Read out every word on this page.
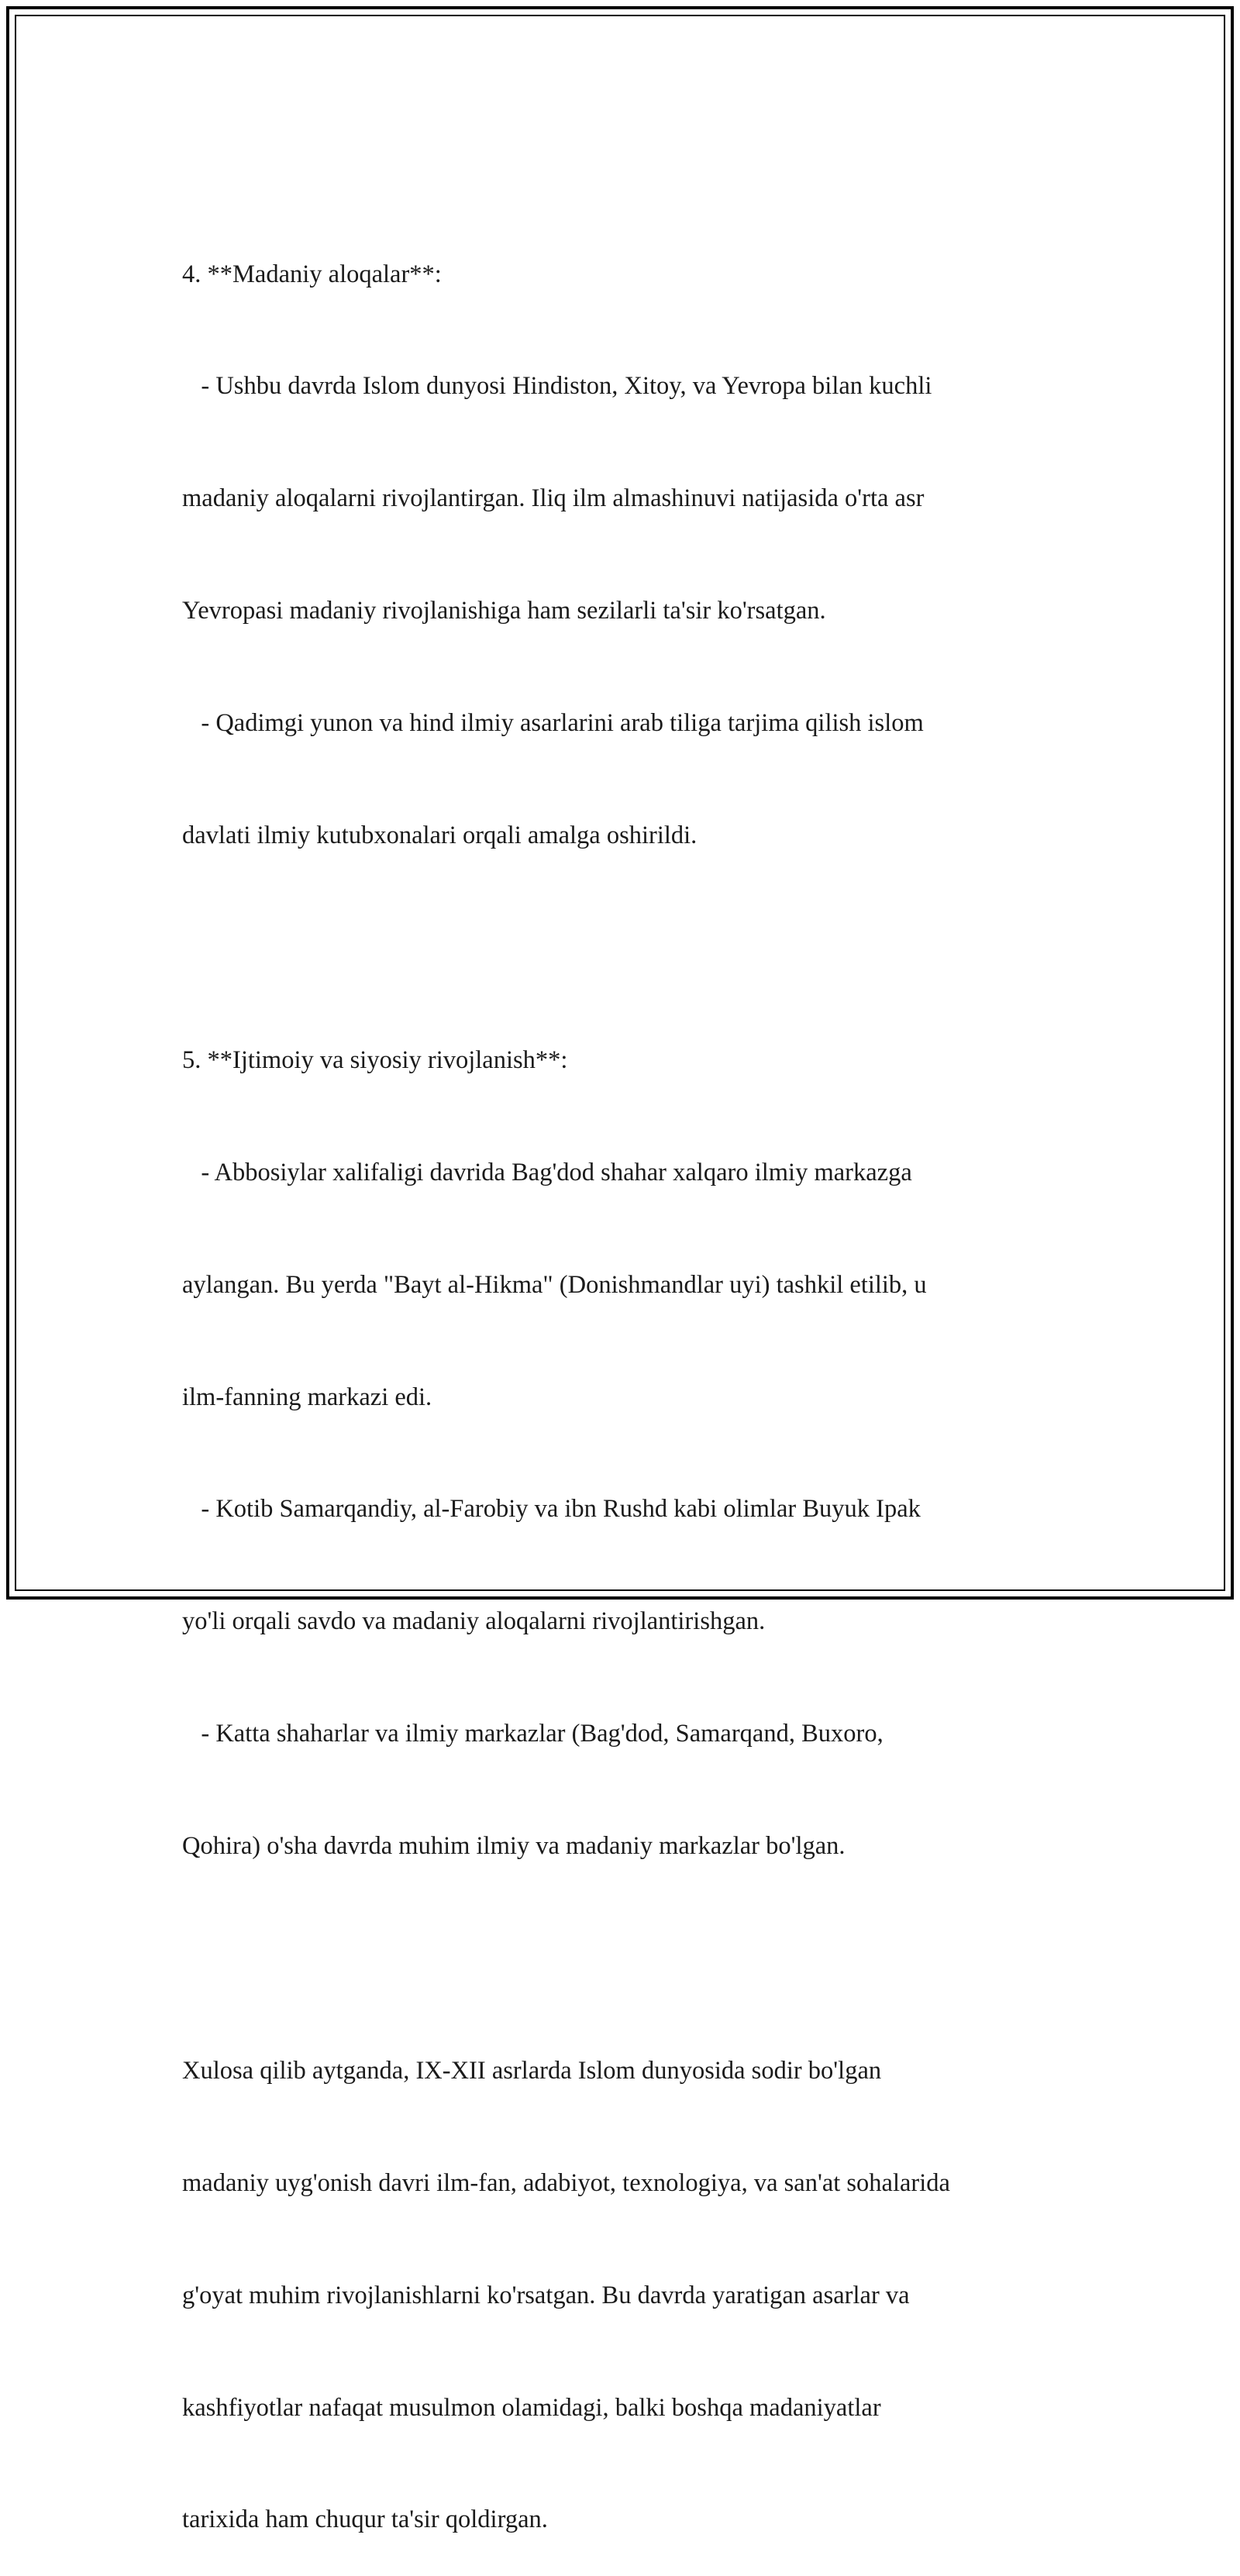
4. **Madaniy aloqalar**:

- Ushbu davrda Islom dunyosi Hindiston, Xitoy, va Yevropa bilan kuchli

madaniy aloqalarni rivojlantirgan. Iliq ilm almashinuvi natijasida o'rta asr

Yevropasi madaniy rivojlanishiga ham sezilarli ta'sir ko'rsatgan.

- Qadimgi yunon va hind ilmiy asarlarini arab tiliga tarjima qilish islom

davlati ilmiy kutubxonalari orqali amalga oshirildi.

5. **Ijtimoiy va siyosiy rivojlanish**:

- Abbosiylar xalifaligi davrida Bag'dod shahar xalqaro ilmiy markazga

aylangan. Bu yerda "Bayt al-Hikma" (Donishmandlar uyi) tashkil etilib, u

ilm-fanning markazi edi.

- Kotib Samarqandiy, al-Farobiy va ibn Rushd kabi olimlar Buyuk Ipak

yo'li orqali savdo va madaniy aloqalarni rivojlantirishgan.

- Katta shaharlar va ilmiy markazlar (Bag'dod, Samarqand, Buxoro,

Qohira) o'sha davrda muhim ilmiy va madaniy markazlar bo'lgan.

Xulosa qilib aytganda, IX-XII asrlarda Islom dunyosida sodir bo'lgan

madaniy uyg'onish davri ilm-fan, adabiyot, texnologiya, va san'at sohalarida

g'oyat muhim rivojlanishlarni ko'rsatgan. Bu davrda yaratigan asarlar va

kashfiyotlar nafaqat musulmon olamidagi, balki boshqa madaniyatlar

tarixida ham chuqur ta'sir qoldirgan.
